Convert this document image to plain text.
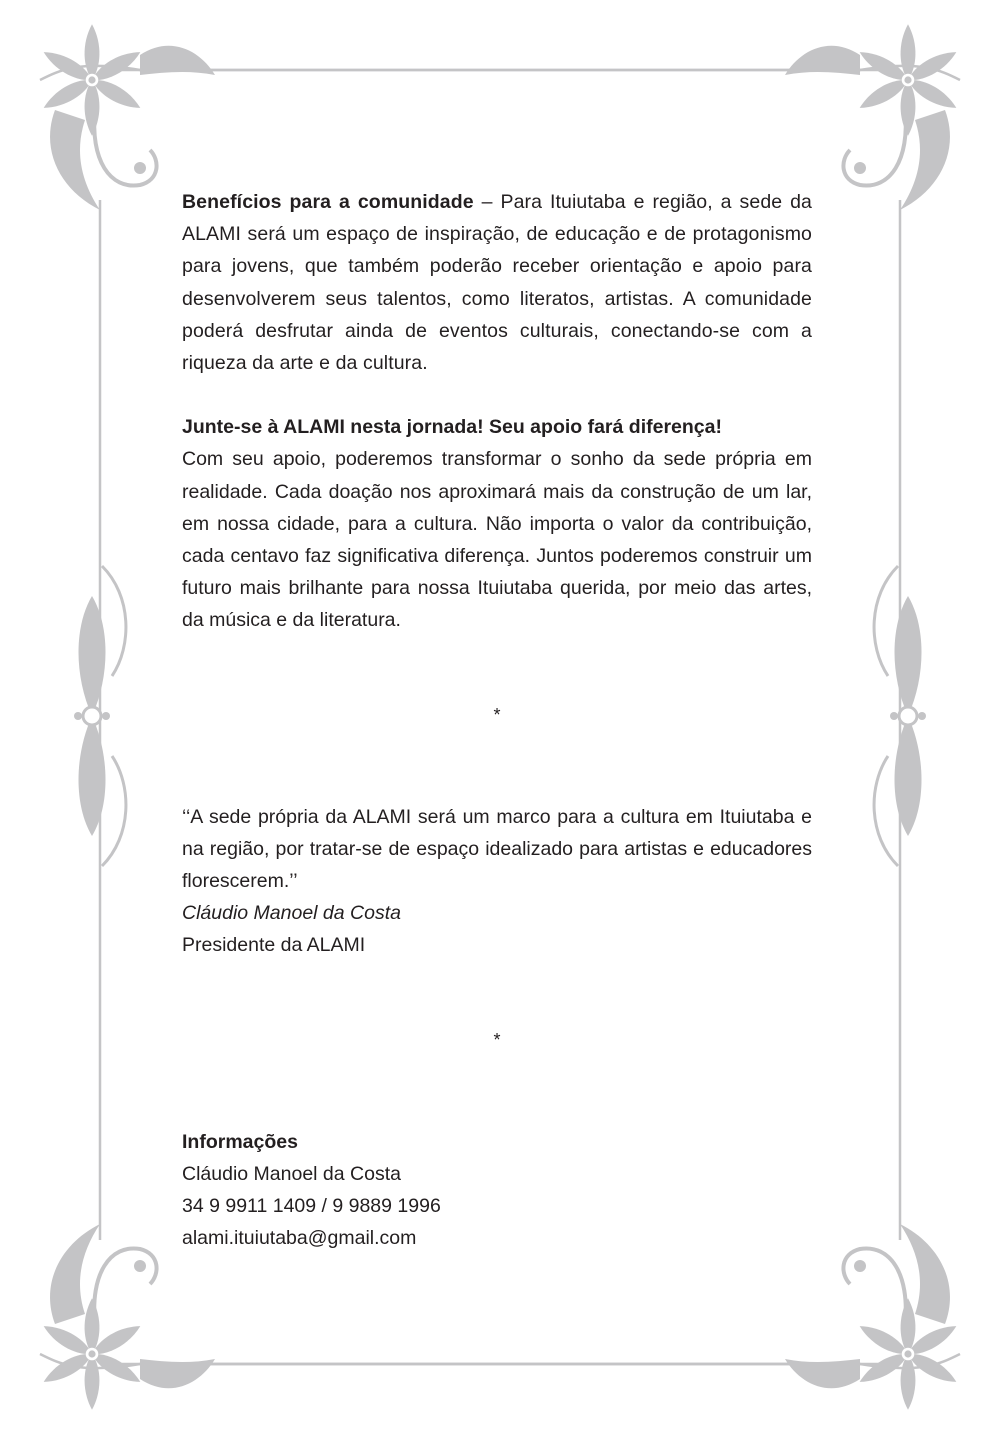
Benefícios para a comunidade – Para Ituiutaba e região, a sede da ALAMI será um espaço de inspiração, de educação e de protagonismo para jovens, que também poderão receber orientação e apoio para desenvolverem seus talentos, como literatos, artistas. A comunidade poderá desfrutar ainda de eventos culturais, conectando-se com a riqueza da arte e da cultura.

Junte-se à ALAMI nesta jornada! Seu apoio fará diferença!

Com seu apoio, poderemos transformar o sonho da sede própria em realidade. Cada doação nos aproximará mais da construção de um lar, em nossa cidade, para a cultura. Não importa o valor da contribuição, cada centavo faz significativa diferença. Juntos poderemos construir um futuro mais brilhante para nossa Ituiutaba querida, por meio das artes, da música e da literatura.

*

‘‘A sede própria da ALAMI será um marco para a cultura em Ituiutaba e na região, por tratar-se de espaço idealizado para artistas e educadores florescerem.’’

Cláudio Manoel da Costa

Presidente da ALAMI

*

Informações

Cláudio Manoel da Costa

34 9 9911 1409 / 9 9889 1996

alami.ituiutaba@gmail.com
